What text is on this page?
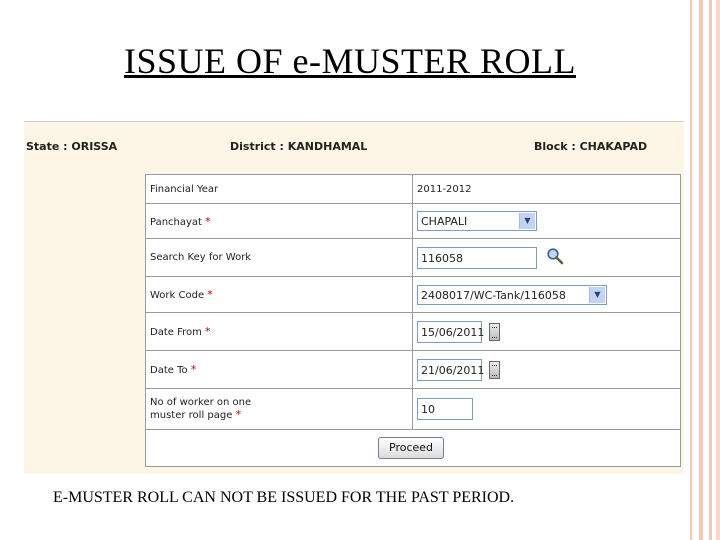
ISSUE OF e-MUSTER ROLL
State : ORISSA	District : KANDHAMAL	Block : CHAKAPAD
Financial Year	2011-2012
Panchayat *	CHAPALI ▼

Search Key for Work	116058
Work Code *	2408017/WC-Tank/116058 ▼

Date From *	15/06/2011
Date To *	21/06/2011

No of worker on one
muster roll page *	10
Proceed	
E-MUSTER ROLL CAN NOT BE ISSUED FOR THE PAST PERIOD.
